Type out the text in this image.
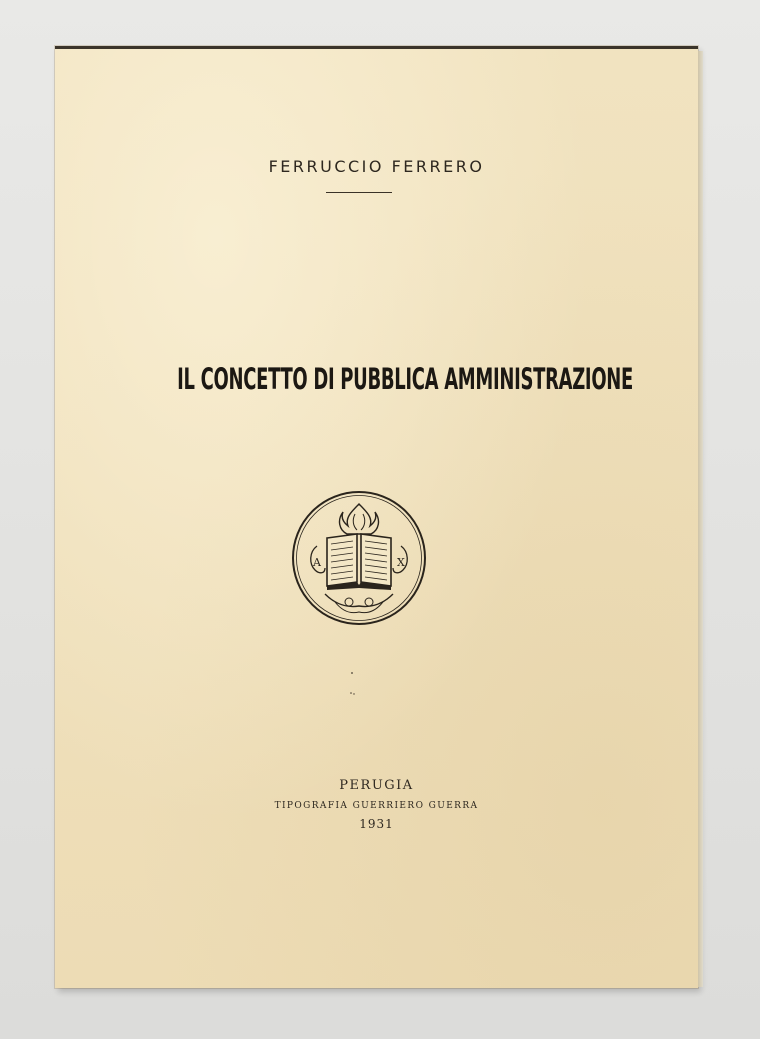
FERRUCCIO FERRERO
IL CONCETTO DI PUBBLICA AMMINISTRAZIONE
A	X
PERUGIA
TIPOGRAFIA GUERRIERO GUERRA
1931
